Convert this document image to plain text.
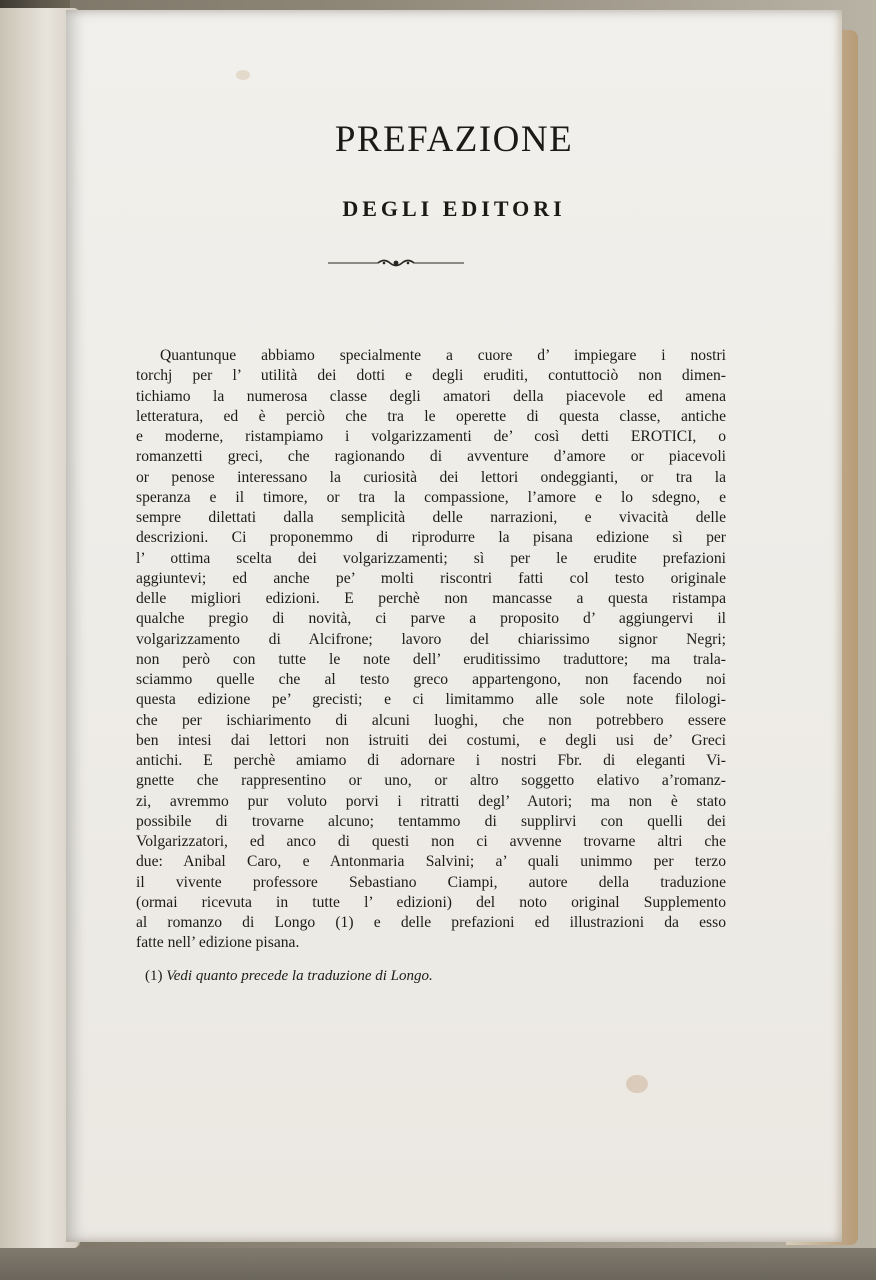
PREFAZIONE
DEGLI EDITORI
Quantunque abbiamo specialmente a cuore d’ impiegare i nostri
torchj per l’ utilità dei dotti e degli eruditi, contuttociò non dimen-
tichiamo la numerosa classe degli amatori della piacevole ed amena
letteratura, ed è perciò che tra le operette di questa classe, antiche
e moderne, ristampiamo i volgarizzamenti de’ così detti EROTICI, o
romanzetti greci, che ragionando di avventure d’amore or piacevoli
or penose interessano la curiosità dei lettori ondeggianti, or tra la
speranza e il timore, or tra la compassione, l’amore e lo sdegno, e
sempre dilettati dalla semplicità delle narrazioni, e vivacità delle
descrizioni. Ci proponemmo di riprodurre la pisana edizione sì per
l’ ottima scelta dei volgarizzamenti; sì per le erudite prefazioni
aggiuntevi; ed anche pe’ molti riscontri fatti col testo originale
delle migliori edizioni. E perchè non mancasse a questa ristampa
qualche pregio di novità, ci parve a proposito d’ aggiungervi il
volgarizzamento di Alcifrone; lavoro del chiarissimo signor Negri;
non però con tutte le note dell’ eruditissimo traduttore; ma trala-
sciammo quelle che al testo greco appartengono, non facendo noi
questa edizione pe’ grecisti; e ci limitammo alle sole note filologi-
che per ischiarimento di alcuni luoghi, che non potrebbero essere
ben intesi dai lettori non istruiti dei costumi, e degli usi de’ Greci
antichi. E perchè amiamo di adornare i nostri Fbr. di eleganti Vi-
gnette che rappresentino or uno, or altro soggetto elativo a’romanz-
zi, avremmo pur voluto porvi i ritratti degl’ Autori; ma non è stato
possibile di trovarne alcuno; tentammo di supplirvi con quelli dei
Volgarizzatori, ed anco di questi non ci avvenne trovarne altri che
due: Anibal Caro, e Antonmaria Salvini; a’ quali unimmo per terzo
il vivente professore Sebastiano Ciampi, autore della traduzione
(ormai ricevuta in tutte l’ edizioni) del noto original Supplemento
al romanzo di Longo (1) e delle prefazioni ed illustrazioni da esso
fatte nell’ edizione pisana.
(1) Vedi quanto precede la traduzione di Longo.
